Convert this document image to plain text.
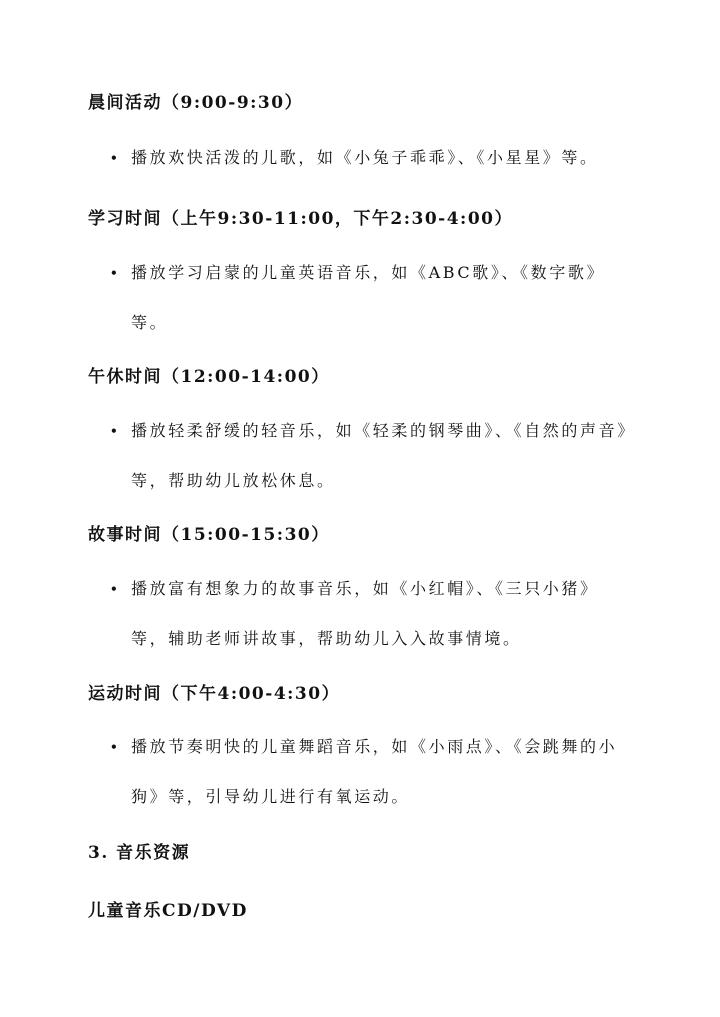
晨间活动（9:00-9:30）
• 播放欢快活泼的儿歌，如《小兔子乖乖》、《小星星》等。
学习时间（上午9:30-11:00，下午2:30-4:00）
• 播放学习启蒙的儿童英语音乐，如《ABC歌》、《数字歌》等。
午休时间（12:00-14:00）
• 播放轻柔舒缓的轻音乐，如《轻柔的钢琴曲》、《自然的声音》等，帮助幼儿放松休息。
故事时间（15:00-15:30）
• 播放富有想象力的故事音乐，如《小红帽》、《三只小猪》等，辅助老师讲故事，帮助幼儿入入故事情境。
运动时间（下午4:00-4:30）
• 播放节奏明快的儿童舞蹈音乐，如《小雨点》、《会跳舞的小狗》等，引导幼儿进行有氧运动。
3. 音乐资源
儿童音乐CD/DVD
